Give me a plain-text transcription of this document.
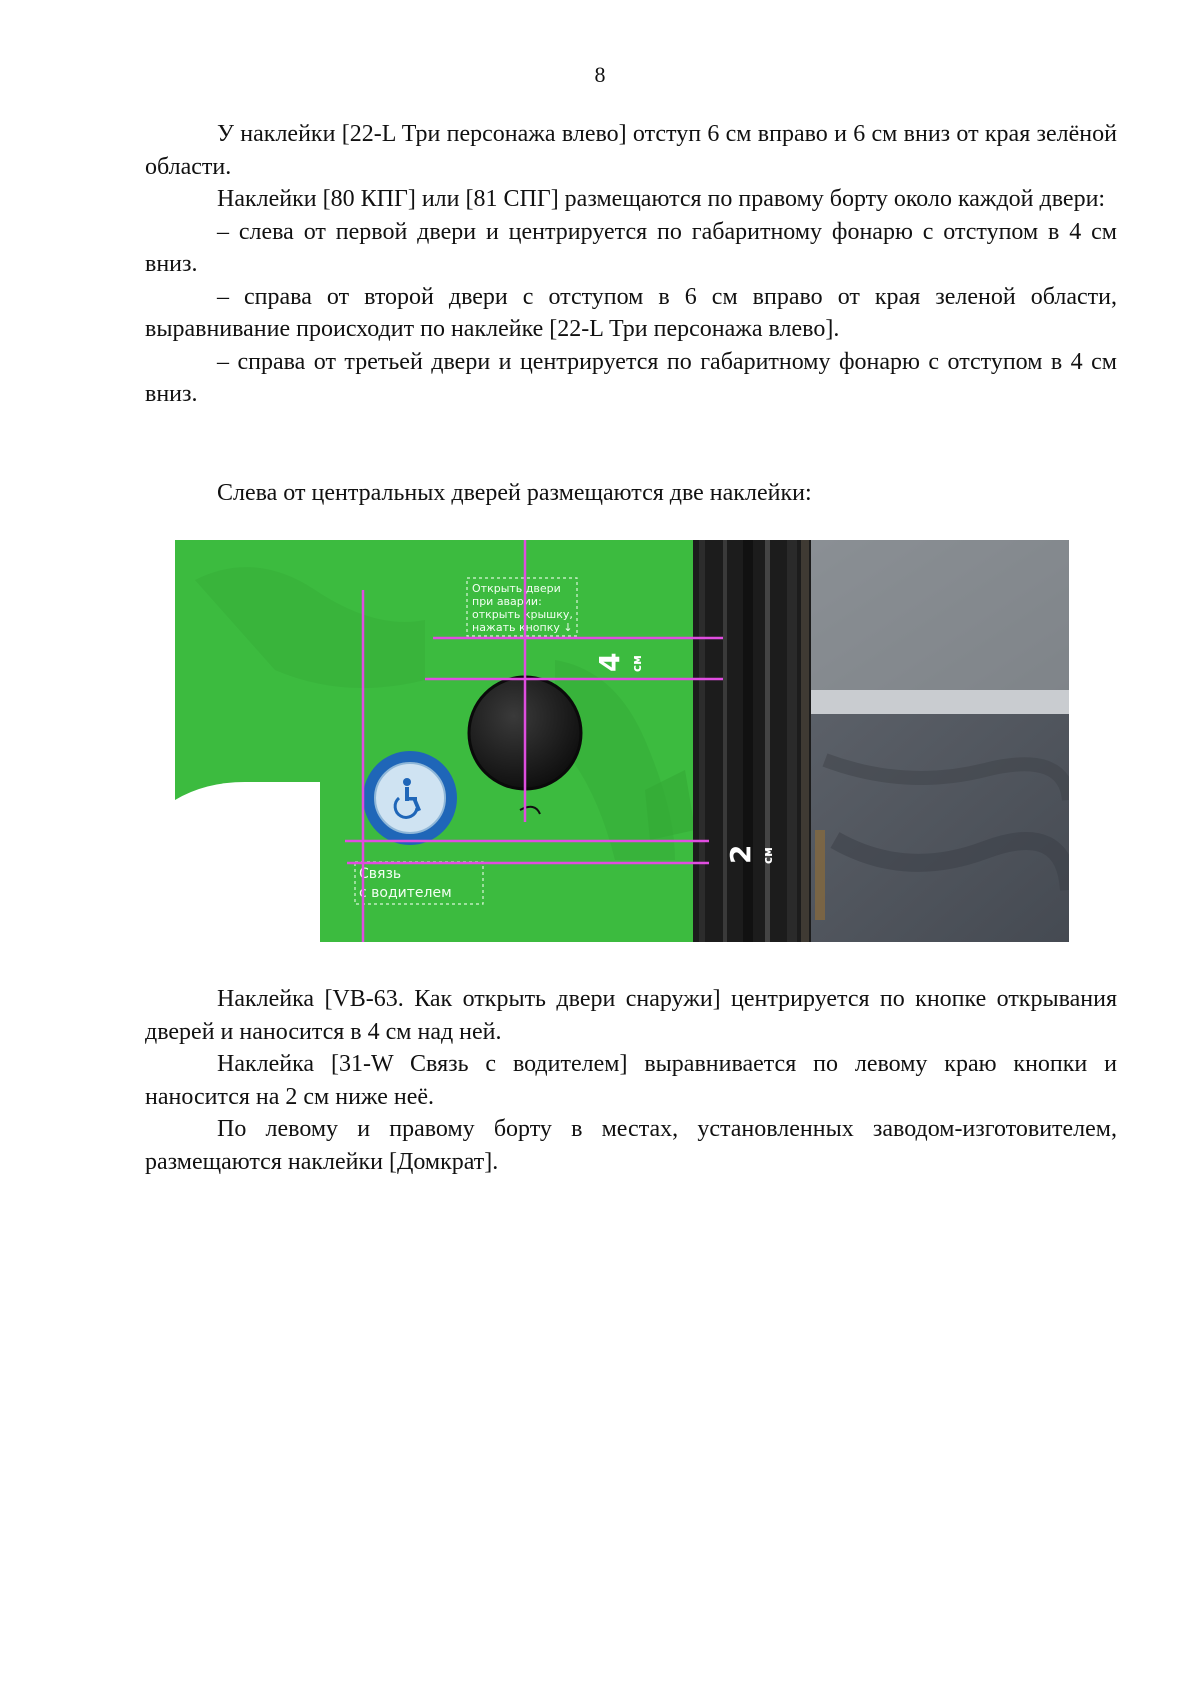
8

У наклейки [22-L Три персонажа влево] отступ 6 см вправо и 6 см вниз от края зелёной области.

Наклейки [80 КПГ] или [81 СПГ] размещаются по правому борту около каждой двери:

– слева от первой двери и центрируется по габаритному фонарю с отступом в 4 см вниз.

– справа от второй двери с отступом в 6 см вправо от края зеленой области, выравнивание происходит по наклейке [22-L Три персонажа влево].

– справа от третьей двери и центрируется по габаритному фонарю с отступом в 4 см вниз.

Слева от центральных дверей размещаются две наклейки:

Открыть двери
при аварии:
открыть крышку,
нажать кнопку ↓
Связь
с водителем
4 см
2 см

Наклейка [VB-63. Как открыть двери снаружи] центрируется по кнопке открывания дверей и наносится в 4 см над ней.

Наклейка [31-W Связь с водителем] выравнивается по левому краю кнопки и наносится на 2 см ниже неё.

По левому и правому борту в местах, установленных заводом-изготовителем, размещаются наклейки [Домкрат].
